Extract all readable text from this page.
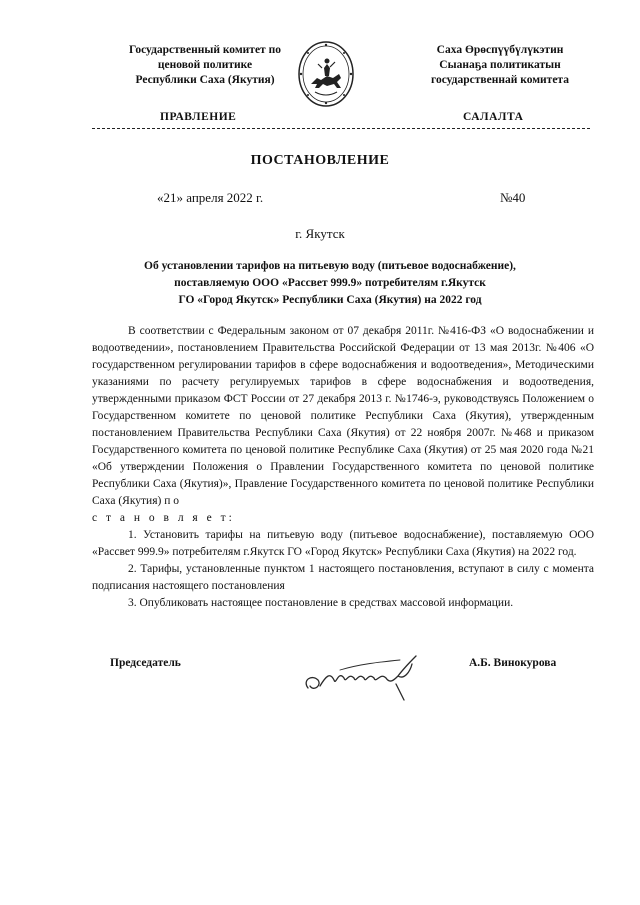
Государственный комитет по
ценовой политике
Республики Саха (Якутия)
Саха Өрөспүүбүлүкэтин
Сыанаҕа политикатын
государственнай комитета
ПРАВЛЕНИЕ	САЛАЛТА
ПОСТАНОВЛЕНИЕ
«21» апреля 2022 г.	№40
г. Якутск
Об установлении тарифов на питьевую воду (питьевое водоснабжение),
поставляемую ООО «Рассвет 999.9» потребителям г.Якутск
ГО «Город Якутск» Республики Саха (Якутия) на 2022 год

В соответствии с Федеральным законом от 07 декабря 2011г. №416-ФЗ «О водоснабжении и водоотведении», постановлением Правительства Российской Федерации от 13 мая 2013г. №406 «О государственном регулировании тарифов в сфере водоснабжения и водоотведения», Методическими указаниями по расчету регулируемых тарифов в сфере водоснабжения и водоотведения, утвержденными приказом ФСТ России от 27 декабря 2013 г. №1746-э, руководствуясь Положением о Государственном комитете по ценовой политике Республики Саха (Якутия), утвержденным постановлением Правительства Республики Саха (Якутия) от 22 ноября 2007г. №468 и приказом Государственного комитета по ценовой политике Республике Саха (Якутия) от 25 мая 2020 года №21 «Об утверждении Положения о Правлении Государственного комитета по ценовой политике Республики Саха (Якутия)», Правление Государственного комитета по ценовой политике Республики Саха (Якутия) п о

с т а н о в л я е т:

1. Установить тарифы на питьевую воду (питьевое водоснабжение), поставляемую ООО «Рассвет 999.9» потребителям г.Якутск ГО «Город Якутск» Республики Саха (Якутия) на 2022 год.

2. Тарифы, установленные пунктом 1 настоящего постановления, вступают в силу с момента подписания настоящего постановления

3. Опубликовать настоящее постановление в средствах массовой информации.

Председатель	А.Б. Винокурова
